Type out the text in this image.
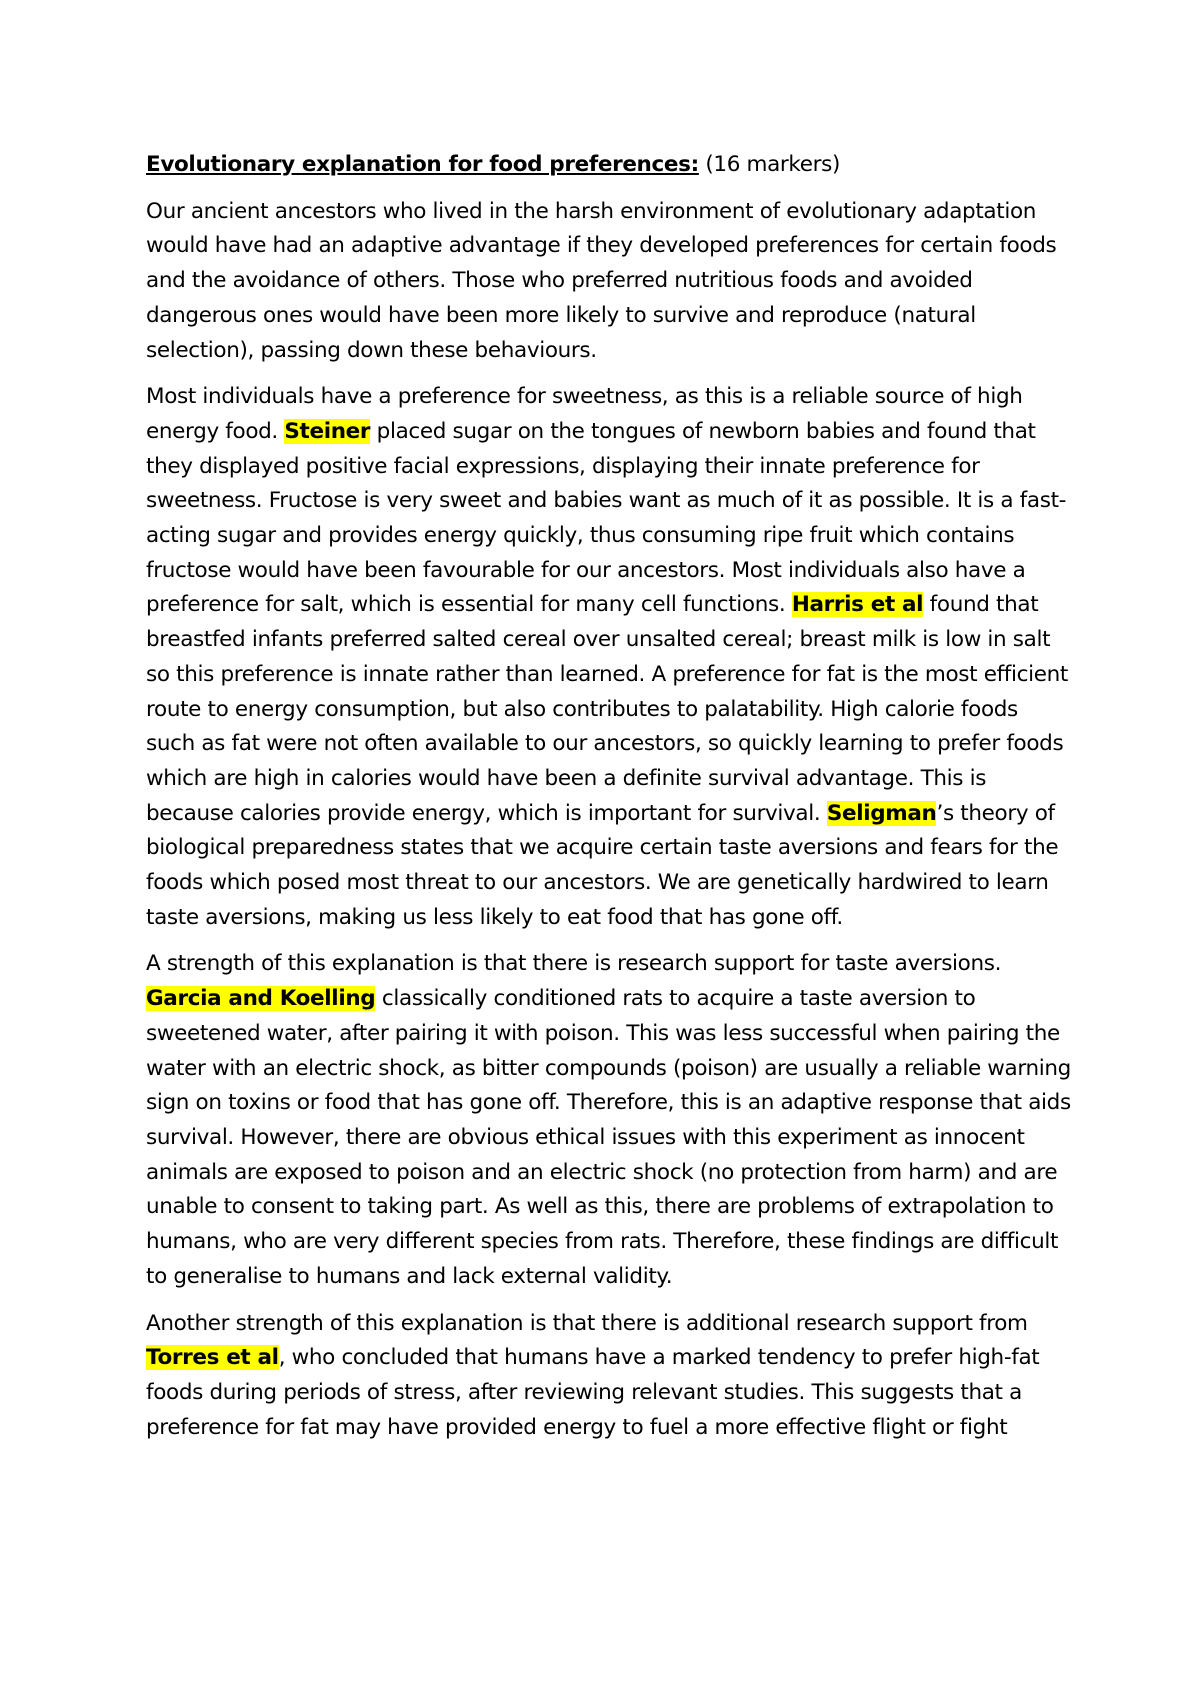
Evolutionary explanation for food preferences: (16 markers)

Our ancient ancestors who lived in the harsh environment of evolutionary adaptation would have had an adaptive advantage if they developed preferences for certain foods and the avoidance of others. Those who preferred nutritious foods and avoided dangerous ones would have been more likely to survive and reproduce (natural selection), passing down these behaviours.

Most individuals have a preference for sweetness, as this is a reliable source of high energy food. Steiner placed sugar on the tongues of newborn babies and found that they displayed positive facial expressions, displaying their innate preference for sweetness. Fructose is very sweet and babies want as much of it as possible. It is a fast-acting sugar and provides energy quickly, thus consuming ripe fruit which contains fructose would have been favourable for our ancestors. Most individuals also have a preference for salt, which is essential for many cell functions. Harris et al found that breastfed infants preferred salted cereal over unsalted cereal; breast milk is low in salt so this preference is innate rather than learned. A preference for fat is the most efficient route to energy consumption, but also contributes to palatability. High calorie foods such as fat were not often available to our ancestors, so quickly learning to prefer foods which are high in calories would have been a definite survival advantage. This is because calories provide energy, which is important for survival. Seligman’s theory of biological preparedness states that we acquire certain taste aversions and fears for the foods which posed most threat to our ancestors. We are genetically hardwired to learn taste aversions, making us less likely to eat food that has gone off.

A strength of this explanation is that there is research support for taste aversions. Garcia and Koelling classically conditioned rats to acquire a taste aversion to sweetened water, after pairing it with poison. This was less successful when pairing the water with an electric shock, as bitter compounds (poison) are usually a reliable warning sign on toxins or food that has gone off. Therefore, this is an adaptive response that aids survival. However, there are obvious ethical issues with this experiment as innocent animals are exposed to poison and an electric shock (no protection from harm) and are unable to consent to taking part. As well as this, there are problems of extrapolation to humans, who are very different species from rats. Therefore, these findings are difficult to generalise to humans and lack external validity.

Another strength of this explanation is that there is additional research support from Torres et al, who concluded that humans have a marked tendency to prefer high-fat foods during periods of stress, after reviewing relevant studies. This suggests that a preference for fat may have provided energy to fuel a more effective flight or fight
